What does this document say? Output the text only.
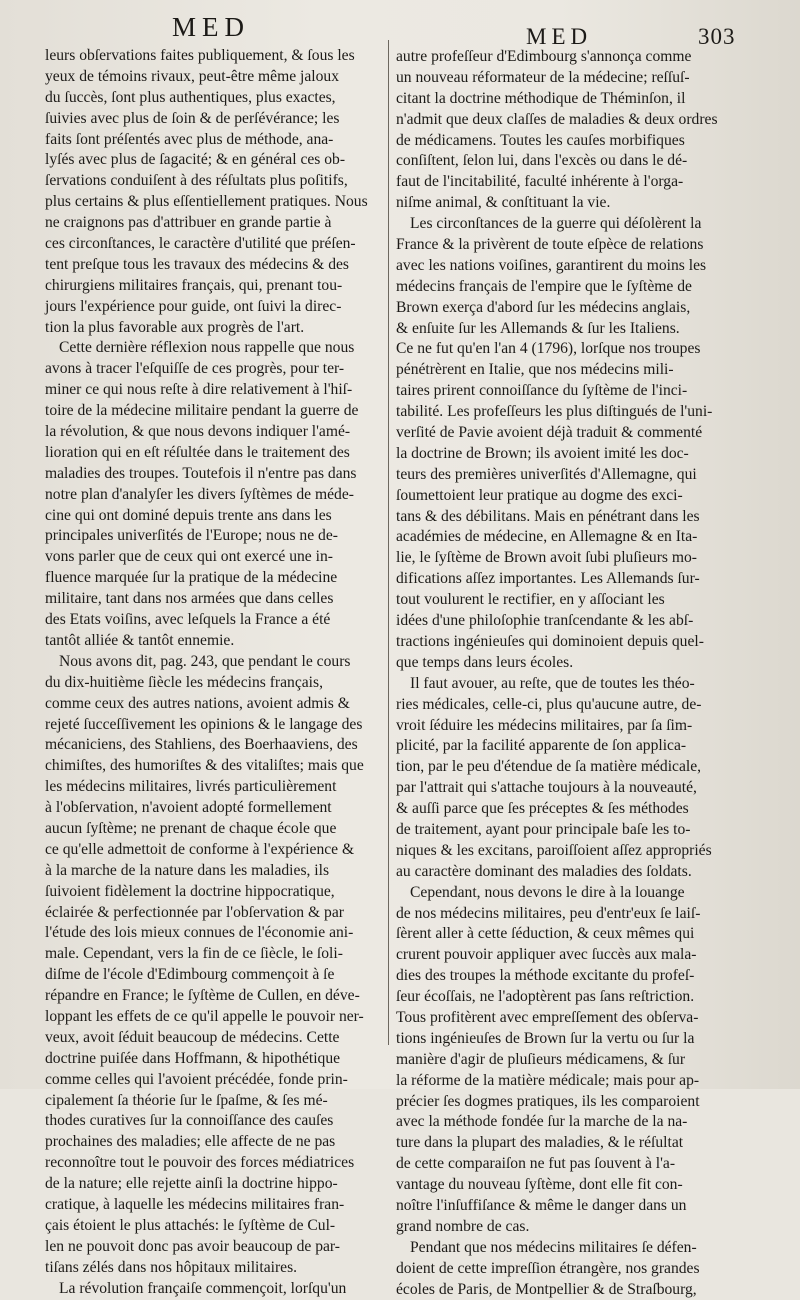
MED	MED	303
leurs obſervations faites publiquement, & ſous les
yeux de témoins rivaux, peut-être même jaloux
du ſuccès, ſont plus authentiques, plus exactes,
ſuivies avec plus de ſoin & de perſévérance; les
faits ſont préſentés avec plus de méthode, ana-
lyſés avec plus de ſagacité; & en général ces ob-
ſervations conduiſent à des réſultats plus poſitifs,
plus certains & plus eſſentiellement pratiques. Nous
ne craignons pas d'attribuer en grande partie à
ces circonſtances, le caractère d'utilité que préſen-
tent preſque tous les travaux des médecins & des
chirurgiens militaires français, qui, prenant tou-
jours l'expérience pour guide, ont ſuivi la direc-
tion la plus favorable aux progrès de l'art.
Cette dernière réflexion nous rappelle que nous
avons à tracer l'eſquiſſe de ces progrès, pour ter-
miner ce qui nous reſte à dire relativement à l'hiſ-
toire de la médecine militaire pendant la guerre de
la révolution, & que nous devons indiquer l'amé-
lioration qui en eſt réſultée dans le traitement des
maladies des troupes. Toutefois il n'entre pas dans
notre plan d'analyſer les divers ſyſtèmes de méde-
cine qui ont dominé depuis trente ans dans les
principales univerſités de l'Europe; nous ne de-
vons parler que de ceux qui ont exercé une in-
fluence marquée ſur la pratique de la médecine
militaire, tant dans nos armées que dans celles
des Etats voiſins, avec leſquels la France a été
tantôt alliée & tantôt ennemie.
Nous avons dit, pag. 243, que pendant le cours
du dix-huitième ſiècle les médecins français,
comme ceux des autres nations, avoient admis &
rejeté ſucceſſivement les opinions & le langage des
mécaniciens, des Stahliens, des Boerhaaviens, des
chimiſtes, des humoriſtes & des vitaliſtes; mais que
les médecins militaires, livrés particulièrement
à l'obſervation, n'avoient adopté formellement
aucun ſyſtème; ne prenant de chaque école que
ce qu'elle admettoit de conforme à l'expérience &
à la marche de la nature dans les maladies, ils
ſuivoient fidèlement la doctrine hippocratique,
éclairée & perfectionnée par l'obſervation & par
l'étude des lois mieux connues de l'économie ani-
male. Cependant, vers la fin de ce ſiècle, le ſoli-
diſme de l'école d'Edimbourg commençoit à ſe
répandre en France; le ſyſtème de Cullen, en déve-
loppant les effets de ce qu'il appelle le pouvoir ner-
veux, avoit ſéduit beaucoup de médecins. Cette
doctrine puiſée dans Hoffmann, & hipothétique
comme celles qui l'avoient précédée, fonde prin-
cipalement ſa théorie ſur le ſpaſme, & ſes mé-
thodes curatives ſur la connoiſſance des cauſes
prochaines des maladies; elle affecte de ne pas
reconnoître tout le pouvoir des forces médiatrices
de la nature; elle rejette ainſi la doctrine hippo-
cratique, à laquelle les médecins militaires fran-
çais étoient le plus attachés: le ſyſtème de Cul-
len ne pouvoit donc pas avoir beaucoup de par-
tiſans zélés dans nos hôpitaux militaires.
La révolution françaiſe commençoit, lorſqu'un
autre profeſſeur d'Edimbourg s'annonça comme
un nouveau réformateur de la médecine; reſſuſ-
citant la doctrine méthodique de Théminſon, il
n'admit que deux claſſes de maladies & deux ordres
de médicamens. Toutes les cauſes morbifiques
conſiſtent, ſelon lui, dans l'excès ou dans le dé-
faut de l'incitabilité, faculté inhérente à l'orga-
niſme animal, & conſtituant la vie.
Les circonſtances de la guerre qui déſolèrent la
France & la privèrent de toute eſpèce de relations
avec les nations voiſines, garantirent du moins les
médecins français de l'empire que le ſyſtème de
Brown exerça d'abord ſur les médecins anglais,
& enſuite ſur les Allemands & ſur les Italiens.
Ce ne fut qu'en l'an 4 (1796), lorſque nos troupes
pénétrèrent en Italie, que nos médecins mili-
taires prirent connoiſſance du ſyſtème de l'inci-
tabilité. Les profeſſeurs les plus diſtingués de l'uni-
verſité de Pavie avoient déjà traduit & commenté
la doctrine de Brown; ils avoient imité les doc-
teurs des premières univerſités d'Allemagne, qui
ſoumettoient leur pratique au dogme des exci-
tans & des débilitans. Mais en pénétrant dans les
académies de médecine, en Allemagne & en Ita-
lie, le ſyſtème de Brown avoit ſubi pluſieurs mo-
difications aſſez importantes. Les Allemands ſur-
tout voulurent le rectifier, en y aſſociant les
idées d'une philoſophie tranſcendante & les abſ-
tractions ingénieuſes qui dominoient depuis quel-
que temps dans leurs écoles.
Il faut avouer, au reſte, que de toutes les théo-
ries médicales, celle-ci, plus qu'aucune autre, de-
vroit ſéduire les médecins militaires, par ſa ſim-
plicité, par la facilité apparente de ſon applica-
tion, par le peu d'étendue de ſa matière médicale,
par l'attrait qui s'attache toujours à la nouveauté,
& auſſi parce que ſes préceptes & ſes méthodes
de traitement, ayant pour principale baſe les to-
niques & les excitans, paroiſſoient aſſez appropriés
au caractère dominant des maladies des ſoldats.
Cependant, nous devons le dire à la louange
de nos médecins militaires, peu d'entr'eux ſe laiſ-
ſèrent aller à cette ſéduction, & ceux mêmes qui
crurent pouvoir appliquer avec ſuccès aux mala-
dies des troupes la méthode excitante du profeſ-
ſeur écoſſais, ne l'adoptèrent pas ſans reſtriction.
Tous profitèrent avec empreſſement des obſerva-
tions ingénieuſes de Brown ſur la vertu ou ſur la
manière d'agir de pluſieurs médicamens, & ſur
la réforme de la matière médicale; mais pour ap-
précier ſes dogmes pratiques, ils les comparoient
avec la méthode fondée ſur la marche de la na-
ture dans la plupart des maladies, & le réſultat
de cette comparaiſon ne fut pas ſouvent à l'a-
vantage du nouveau ſyſtème, dont elle fit con-
noître l'inſuffiſance & même le danger dans un
grand nombre de cas.
Pendant que nos médecins militaires ſe défen-
doient de cette impreſſion étrangère, nos grandes
écoles de Paris, de Montpellier & de Straſbourg,
